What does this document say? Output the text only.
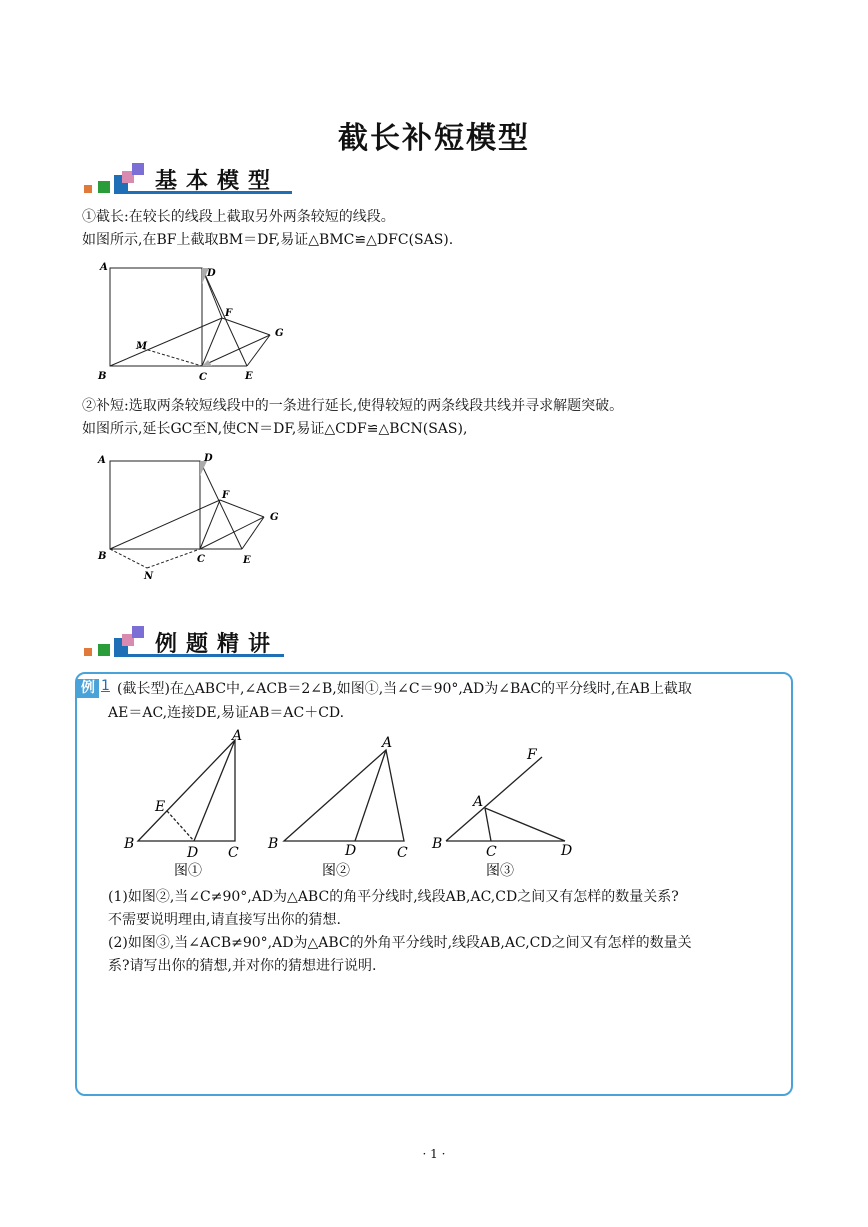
截长补短模型
基本模型
①截长:在较长的线段上截取另外两条较短的线段。
如图所示,在BF上截取BM＝DF,易证△BMC≌△DFC(SAS).
A
D
F
G
M
B	C	E
②补短:选取两条较短线段中的一条进行延长,使得较短的两条线段共线并寻求解题突破。
如图所示,延长GC至N,使CN＝DF,易证△CDF≌△BCN(SAS),
A	D
F
G
B	C	E
N
例题精讲
例 1 (截长型)在△ABC中,∠ACB＝2∠B,如图①,当∠C＝90°,AD为∠BAC的平分线时,在AB上截取
AE＝AC,连接DE,易证AB＝AC＋CD.
A
E
B
D C
图①
A
B	D	C
图②
F
A
B	C	D
图③
(1)如图②,当∠C≠90°,AD为△ABC的角平分线时,线段AB,AC,CD之间又有怎样的数量关系?
不需要说明理由,请直接写出你的猜想.
(2)如图③,当∠ACB≠90°,AD为△ABC的外角平分线时,线段AB,AC,CD之间又有怎样的数量关
系?请写出你的猜想,并对你的猜想进行说明.
· 1 ·
